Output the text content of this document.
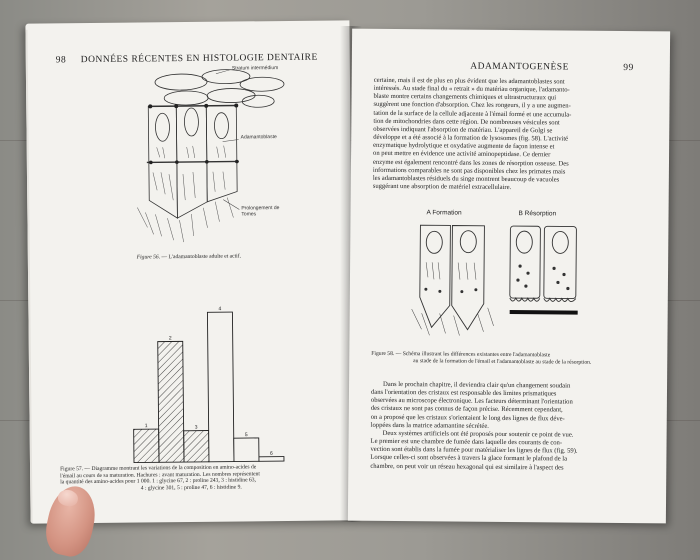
98 DONNÉES RÉCENTES EN HISTOLOGIE DENTAIRE
Stratum intermédium
Adamantoblaste
Prolongement de
Tomes
Figure 56. — L'adamantoblaste adulte et actif.
1
2
3
4
5
6
Figure 57. — Diagramme montrant les variations de la composition en amino-acides de
l'émail au cours de sa maturation. Hachures : avant maturation. Les nombres représentent
la quantité des amino-acides pour 1 000. 1 : glycine 67, 2 : proline 243, 3 : histidine 63,
4 : glycine 301, 5 : proline 47, 6 : histidine 9.
ADAMANTOGENÈSE	99
certaine, mais il est de plus en plus évident que les adamantoblastes sont
intéressés. Au stade final du « retrait » du matériau organique, l'adamanto-
blaste montre certains changements chimiques et ultrastructuraux qui
suggèrent une fonction d'absorption. Chez les rongeurs, il y a une augmen-
tation de la surface de la cellule adjacente à l'émail formé et une accumula-
tion de mitochondries dans cette région. De nombreuses vésicules sont
observées indiquant l'absorption de matériau. L'appareil de Golgi se
développe et a été associé à la formation de lysosomes (fig. 58). L'activité
enzymatique hydrolytique et oxydative augmente de façon intense et
on peut mettre en évidence une activité aminopeptidase. Ce dernier
enzyme est également rencontré dans les zones de résorption osseuse. Des
informations comparables ne sont pas disponibles chez les primates mais
les adamantoblastes résiduels du singe montrent beaucoup de vacuoles
suggérant une absorption de matériel extracellulaire.
A Formation	B Résorption
Figure 58. — Schéma illustrant les différences existantes entre l'adamantoblaste
au stade de la formation de l'émail et l'adamantoblaste au stade de la résorption.
Dans le prochain chapitre, il deviendra clair qu'un changement soudain
dans l'orientation des cristaux est responsable des limites prismatiques
observées au microscope électronique. Les facteurs déterminant l'orientation
des cristaux ne sont pas connus de façon précise. Récemment cependant,
on a proposé que les cristaux s'orientaient le long des lignes de flux déve-
loppées dans la matrice adamantine sécrétée.
Deux systèmes artificiels ont été proposés pour soutenir ce point de vue.
Le premier est une chambre de fumée dans laquelle des courants de con-
vection sont établis dans la fumée pour matérialiser les lignes de flux (fig. 59).
Lorsque celles-ci sont observées à travers la glace formant le plafond de la
chambre, on peut voir un réseau hexagonal qui est similaire à l'aspect des
